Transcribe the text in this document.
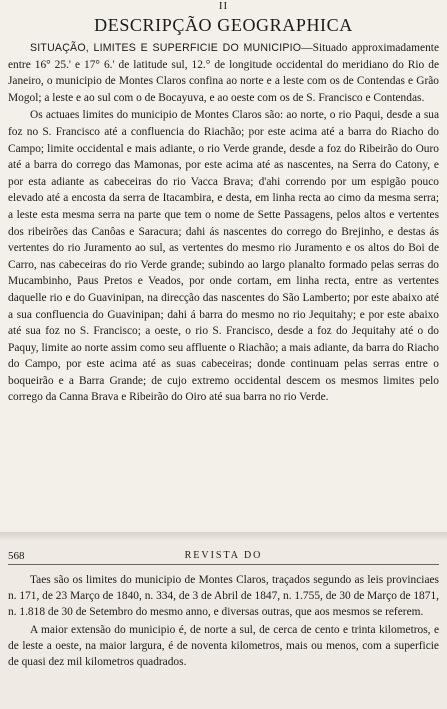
II
DESCRIPÇÃO GEOGRAPHICA

SITUAÇÃO, LIMITES E SUPERFICIE DO MUNICIPIO—Situado approximadamente entre 16° 25.' e 17° 6.' de latitude sul, 12.° de longitude occidental do meridiano do Rio de Janeiro, o municipio de Montes Claros confina ao norte e a leste com os de Contendas e Grão Mogol; a leste e ao sul com o de Bocayuva, e ao oeste com os de S. Francisco e Contendas.

Os actuaes limites do municipio de Montes Claros são: ao norte, o rio Paqui, desde a sua foz no S. Francisco até a confluencia do Riachão; por este acima até a barra do Riacho do Campo; limite occidental e mais adiante, o rio Verde grande, desde a foz do Ribeirão do Ouro até a barra do corrego das Mamonas, por este acima até as nascentes, na Serra do Catony, e por esta adiante as cabeceiras do rio Vacca Brava; d'ahi correndo por um espigão pouco elevado até a encosta da serra de Itacambira, e desta, em linha recta ao cimo da mesma serra; a leste esta mesma serra na parte que tem o nome de Sette Passagens, pelos altos e vertentes dos ribeirões das Canôas e Saracura; dahi ás nascentes do corrego do Brejinho, e destas ás vertentes do rio Juramento ao sul, as vertentes do mesmo rio Juramento e os altos do Boi de Carro, nas cabeceiras do rio Verde grande; subindo ao largo planalto formado pelas serras do Mucambinho, Paus Pretos e Veados, por onde cortam, em linha recta, entre as vertentes daquelle rio e do Guavinipan, na direcção das nascentes do São Lamberto; por este abaixo até a sua confluencia do Guavinipan; dahi á barra do mesmo no rio Jequitahy; e por este abaixo até sua foz no S. Francisco; a oeste, o rio S. Francisco, desde a foz do Jequitahy até o do Paquy, limite ao norte assim como seu affluente o Riachão; a mais adiante, da barra do Riacho do Campo, por este acima até as suas cabeceiras; donde continuam pelas serras entre o boqueirão e a Barra Grande; de cujo extremo occidental descem os mesmos limites pelo corrego da Canna Brava e Ribeirão do Oiro até sua barra no rio Verde.

568	REVISTA DO

Taes são os limites do municipio de Montes Claros, traçados segundo as leis provinciaes n. 171, de 23 Março de 1840, n. 334, de 3 de Abril de 1847, n. 1.755, de 30 de Março de 1871, n. 1.818 de 30 de Setembro do mesmo anno, e diversas outras, que aos mesmos se referem.

A maior extensão do municipio é, de norte a sul, de cerca de cento e trinta kilometros, e de leste a oeste, na maior largura, é de noventa kilometros, mais ou menos, com a superficie de quasi dez mil kilometros quadrados.
